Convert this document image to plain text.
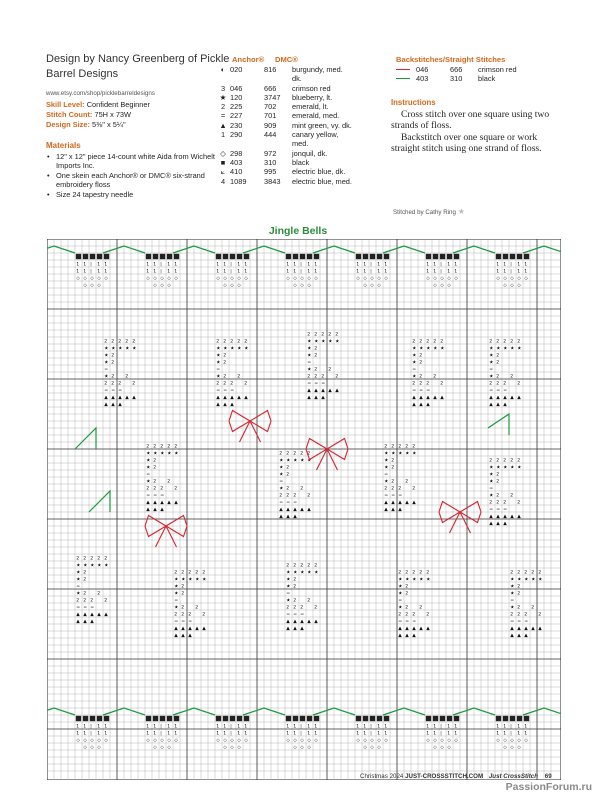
Design by Nancy Greenberg of Pickle Barrel Designs
www.etsy.com/shop/picklebarreldesigns
Skill Level: Confident Beginner
Stitch Count: 75H x 73W
Design Size: 5⅜" x 5¼"
Materials
• 12" x 12" piece 14-count white Aida from Wichelt Imports Inc.
• One skein each Anchor® or DMC® six-strand embroidery floss
• Size 24 tapestry needle
Anchor® DMC®
◐ 020	816	burgundy, med.
dk.
3 046	666	crimson red
★ 120	3747	blueberry, lt.
2 225	702	emerald, lt.
= 227	701	emerald, med.
▲ 230	909	mint green, vy. dk.
1 290	444	canary yellow,
med.
◇ 298	972	jonquil, dk.
■ 403	310	black
⟀ 410	995	electric blue, dk.
4 1089	3843	electric blue, med.
Backstitches/Straight Stitches
046	666	crimson red
403	310	black
Instructions

Cross stitch over one square using two strands of floss.

Backstitch over one square or work straight stitch using one strand of floss.

Stitched by Cathy Ring ★
Jingle Bells
1 1 | 1 1
1 1 | 1 1
◇ ◇ ◇ ◇ ◇
◇ ◇ ◇
1 1 | 1 1
1 1 | 1 1
◇ ◇ ◇ ◇ ◇
◇ ◇ ◇
1 1 | 1 1
1 1 | 1 1
◇ ◇ ◇ ◇ ◇
◇ ◇ ◇
1 1 | 1 1
1 1 | 1 1
◇ ◇ ◇ ◇ ◇
◇ ◇ ◇
1 1 | 1 1
1 1 | 1 1
◇ ◇ ◇ ◇ ◇
◇ ◇ ◇
1 1 | 1 1
1 1 | 1 1
◇ ◇ ◇ ◇ ◇
◇ ◇ ◇
1 1 | 1 1
1 1 | 1 1
◇ ◇ ◇ ◇ ◇
◇ ◇ ◇
1 1 | 1 1
1 1 | 1 1
◇ ◇ ◇ ◇ ◇
◇ ◇ ◇
1 1 | 1 1
1 1 | 1 1
◇ ◇ ◇ ◇ ◇
◇ ◇ ◇
1 1 | 1 1
1 1 | 1 1
◇ ◇ ◇ ◇ ◇
◇ ◇ ◇
1 1 | 1 1
1 1 | 1 1
◇ ◇ ◇ ◇ ◇
◇ ◇ ◇
1 1 | 1 1
1 1 | 1 1
◇ ◇ ◇ ◇ ◇
◇ ◇ ◇
1 1 | 1 1
1 1 | 1 1
◇ ◇ ◇ ◇ ◇
◇ ◇ ◇
1 1 | 1 1
1 1 | 1 1
◇ ◇ ◇ ◇ ◇
◇ ◇ ◇
2 2 2 2 2
★ ★ ★ ★ ★
★ 2
★ 2
=
★ 2 2
2 2 2 2
= = =
▲ ▲ ▲ ▲ ▲
▲ ▲ ▲
2 2 2 2 2
★ ★ ★ ★ ★
★ 2
★ 2
=
★ 2 2
2 2 2 2
= = =
▲ ▲ ▲ ▲ ▲
▲ ▲ ▲
2 2 2 2 2
★ ★ ★ ★ ★
★ 2
★ 2
=
★ 2 2
2 2 2 2
= = =
▲ ▲ ▲ ▲ ▲
▲ ▲ ▲
2 2 2 2 2
★ ★ ★ ★ ★
★ 2
★ 2
=
★ 2 2
2 2 2 2
= = =
▲ ▲ ▲ ▲ ▲
▲ ▲ ▲
2 2 2 2 2
★ ★ ★ ★ ★
★ 2
★ 2
=
★ 2 2
2 2 2 2
= = =
▲ ▲ ▲ ▲ ▲
▲ ▲ ▲
2 2 2 2 2
★ ★ ★ ★ ★
★ 2
★ 2
=
★ 2 2
2 2 2 2
= = =
▲ ▲ ▲ ▲ ▲
▲ ▲ ▲
2 2 2 2 2
★ ★ ★ ★ ★
★ 2
★ 2
=
★ 2 2
2 2 2 2
= = =
▲ ▲ ▲ ▲ ▲
▲ ▲ ▲
2 2 2 2 2
★ ★ ★ ★ ★
★ 2
★ 2
=
★ 2 2
2 2 2 2
= = =
▲ ▲ ▲ ▲ ▲
▲ ▲ ▲
2 2 2 2 2
★ ★ ★ ★ ★
★ 2
★ 2
=
★ 2 2
2 2 2 2
= = =
▲ ▲ ▲ ▲ ▲
▲ ▲ ▲
2 2 2 2 2
★ ★ ★ ★ ★
★ 2
★ 2
=
★ 2 2
2 2 2 2
= = =
▲ ▲ ▲ ▲ ▲
▲ ▲ ▲
2 2 2 2 2
★ ★ ★ ★ ★
★ 2
★ 2
=
★ 2 2
2 2 2 2
= = =
▲ ▲ ▲ ▲ ▲
▲ ▲ ▲
2 2 2 2 2
★ ★ ★ ★ ★
★ 2
★ 2
=
★ 2 2
2 2 2 2
= = =
▲ ▲ ▲ ▲ ▲
▲ ▲ ▲
2 2 2 2 2
★ ★ ★ ★ ★
★ 2
★ 2
=
★ 2 2
2 2 2 2
= = =
▲ ▲ ▲ ▲ ▲
▲ ▲ ▲
2 2 2 2 2
★ ★ ★ ★ ★
★ 2
★ 2
=
★ 2 2
2 2 2 2
= = =
▲ ▲ ▲ ▲ ▲
▲ ▲ ▲
Christmas 2024 JUST-CROSSSTITCH.COM Just CrossStitch 69
PassionForum.ru
